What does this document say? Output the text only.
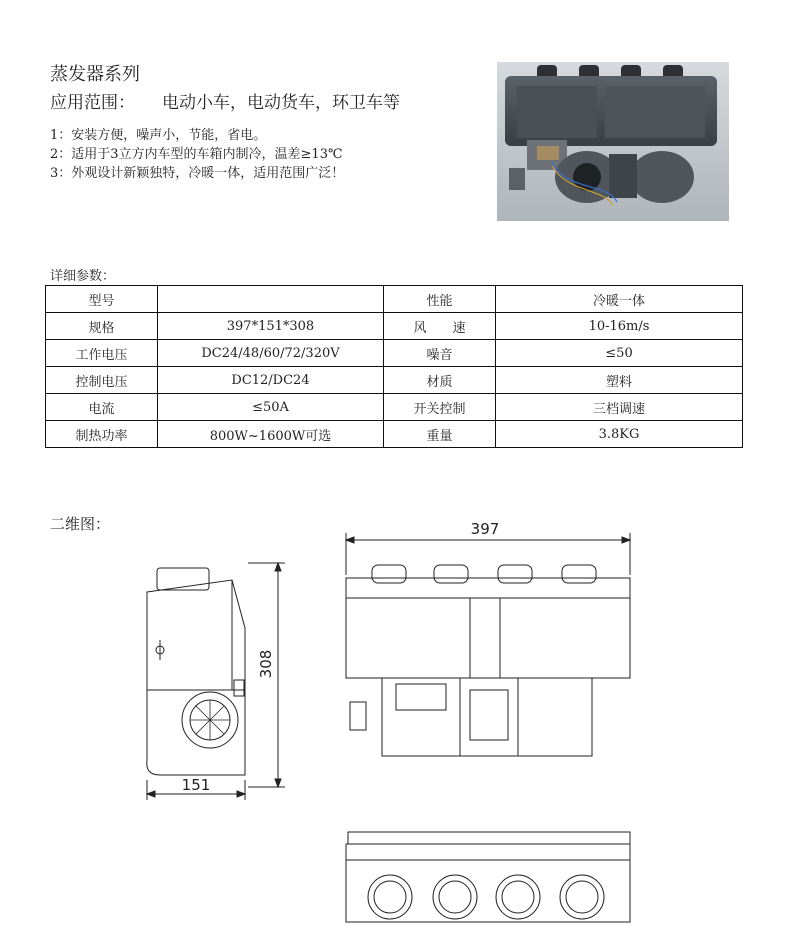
蒸发器系列
应用范围： 电动小车，电动货车，环卫车等
1：安装方便，噪声小，节能，省电。
2：适用于3立方内车型的车箱内制冷，温差≥13℃
3：外观设计新颖独特，冷暖一体，适用范围广泛！
详细参数：
型号		性能	冷暖一体
规格	397*151*308	风　　速	10-16m/s
工作电压	DC24/48/60/72/320V	噪音	≤50
控制电压	DC12/DC24	材质	塑料
电流	≤50A	开关控制	三档调速
制热功率	800W~1600W可选	重量	3.8KG
二维图：	397
151
308
